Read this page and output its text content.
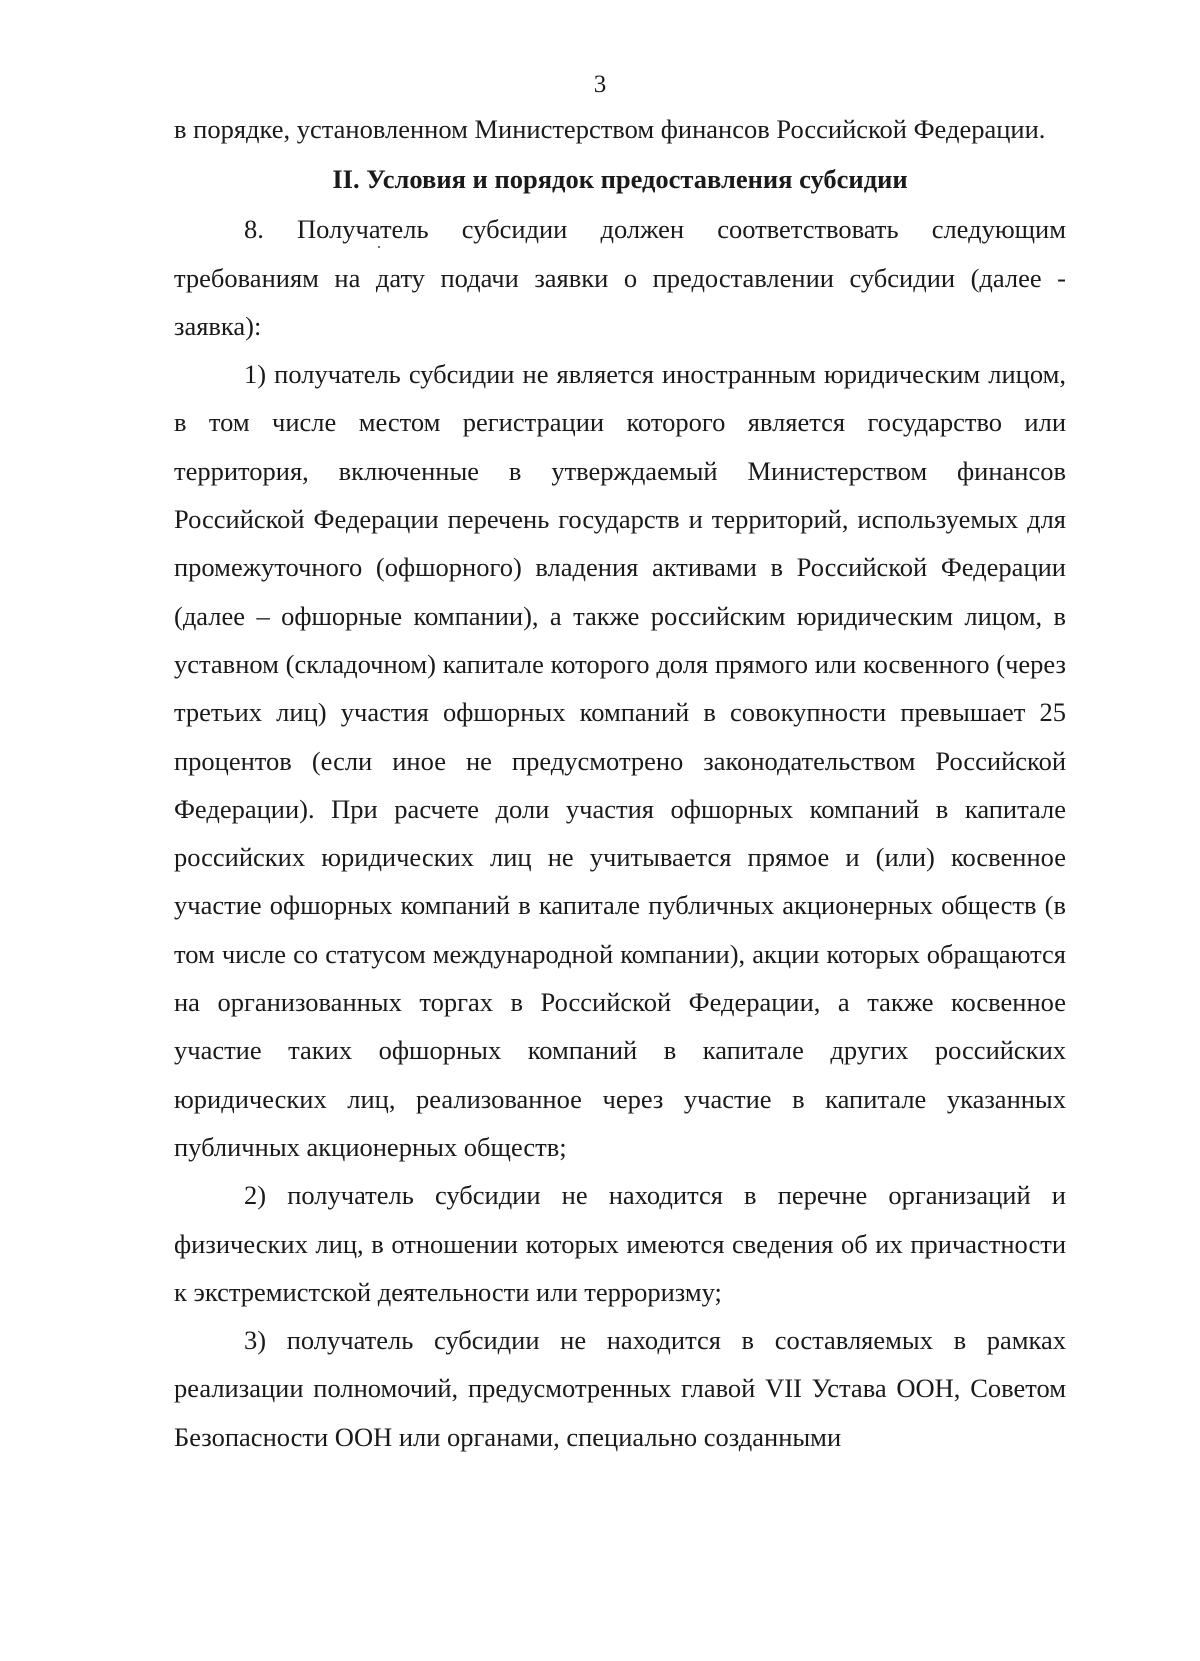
3

в порядке, установленном Министерством финансов Российской Федерации.

II. Условия и порядок предоставления субсидии

8. Получатель субсидии должен соответствовать следующим требованиям на дату подачи заявки о предоставлении субсидии (далее - заявка):

1) получатель субсидии не является иностранным юридическим лицом, в том числе местом регистрации которого является государство или территория, включенные в утверждаемый Министерством финансов Российской Федерации перечень государств и территорий, используемых для промежуточного (офшорного) владения активами в Российской Федерации (далее – офшорные компании), а также российским юридическим лицом, в уставном (складочном) капитале которого доля прямого или косвенного (через третьих лиц) участия офшорных компаний в совокупности превышает 25 процентов (если иное не предусмотрено законодательством Российской Федерации). При расчете доли участия офшорных компаний в капитале российских юридических лиц не учитывается прямое и (или) косвенное участие офшорных компаний в капитале публичных акционерных обществ (в том числе со статусом международной компании), акции которых обращаются на организованных торгах в Российской Федерации, а также косвенное участие таких офшорных компаний в капитале других российских юридических лиц, реализованное через участие в капитале указанных публичных акционерных обществ;

2) получатель субсидии не находится в перечне организаций и физических лиц, в отношении которых имеются сведения об их причастности к экстремистской деятельности или терроризму;

3) получатель субсидии не находится в составляемых в рамках реализации полномочий, предусмотренных главой VII Устава ООН, Советом Безопасности ООН или органами, специально созданными
